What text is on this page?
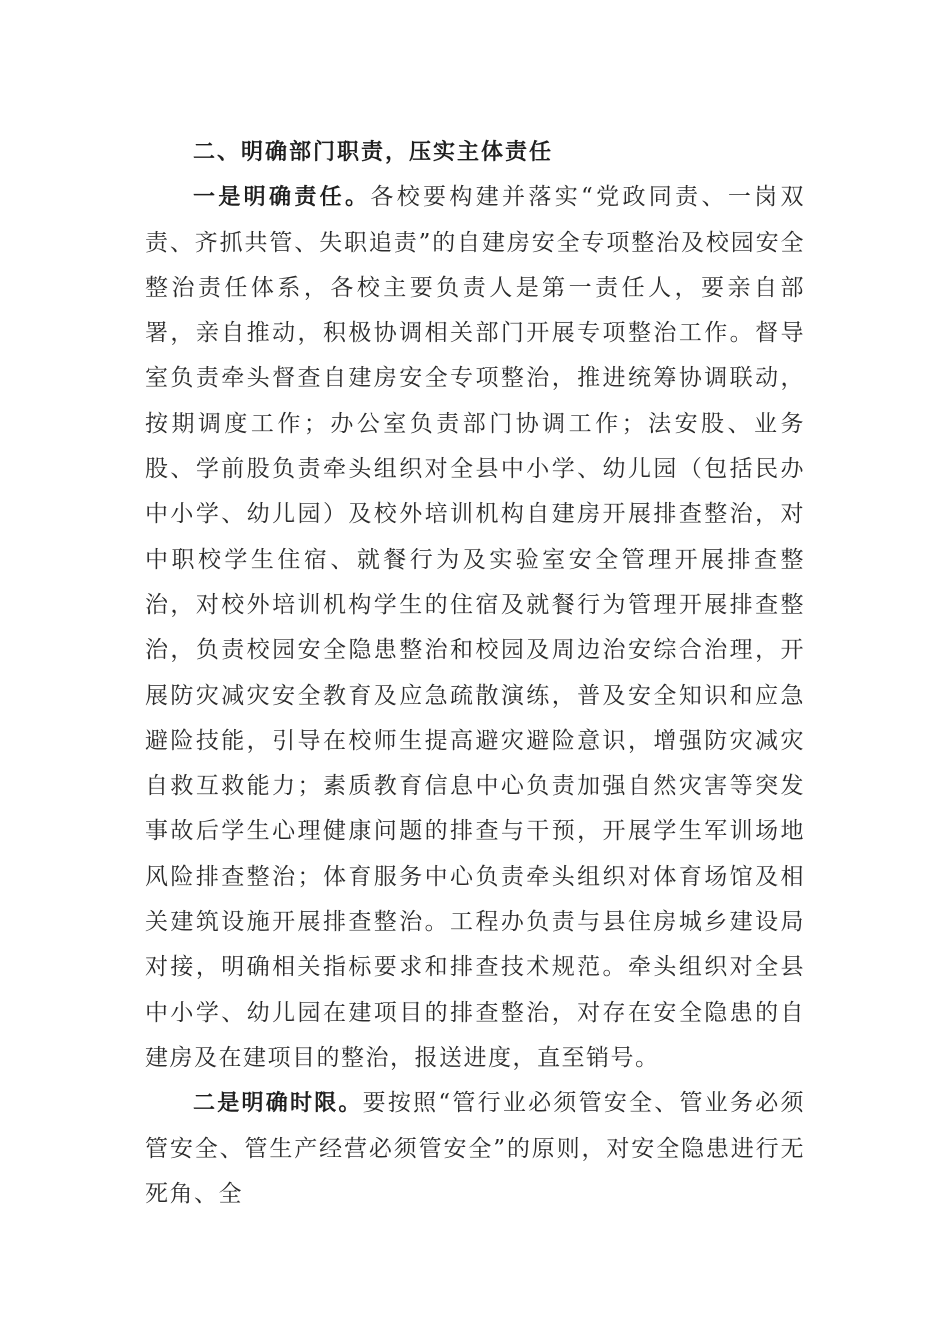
二、明确部门职责，压实主体责任

一是明确责任。各校要构建并落实“党政同责、一岗双责、齐抓共管、失职追责”的自建房安全专项整治及校园安全整治责任体系，各校主要负责人是第一责任人，要亲自部署，亲自推动，积极协调相关部门开展专项整治工作。督导室负责牵头督查自建房安全专项整治，推进统筹协调联动，按期调度工作；办公室负责部门协调工作；法安股、业务股、学前股负责牵头组织对全县中小学、幼儿园（包括民办中小学、幼儿园）及校外培训机构自建房开展排查整治，对中职校学生住宿、就餐行为及实验室安全管理开展排查整治，对校外培训机构学生的住宿及就餐行为管理开展排查整治，负责校园安全隐患整治和校园及周边治安综合治理，开展防灾减灾安全教育及应急疏散演练，普及安全知识和应急避险技能，引导在校师生提高避灾避险意识，增强防灾减灾自救互救能力；素质教育信息中心负责加强自然灾害等突发事故后学生心理健康问题的排查与干预，开展学生军训场地风险排查整治；体育服务中心负责牵头组织对体育场馆及相关建筑设施开展排查整治。工程办负责与县住房城乡建设局对接，明确相关指标要求和排查技术规范。牵头组织对全县中小学、幼儿园在建项目的排查整治，对存在安全隐患的自建房及在建项目的整治，报送进度，直至销号。

二是明确时限。要按照“管行业必须管安全、管业务必须管安全、管生产经营必须管安全”的原则，对安全隐患进行无死角、全
